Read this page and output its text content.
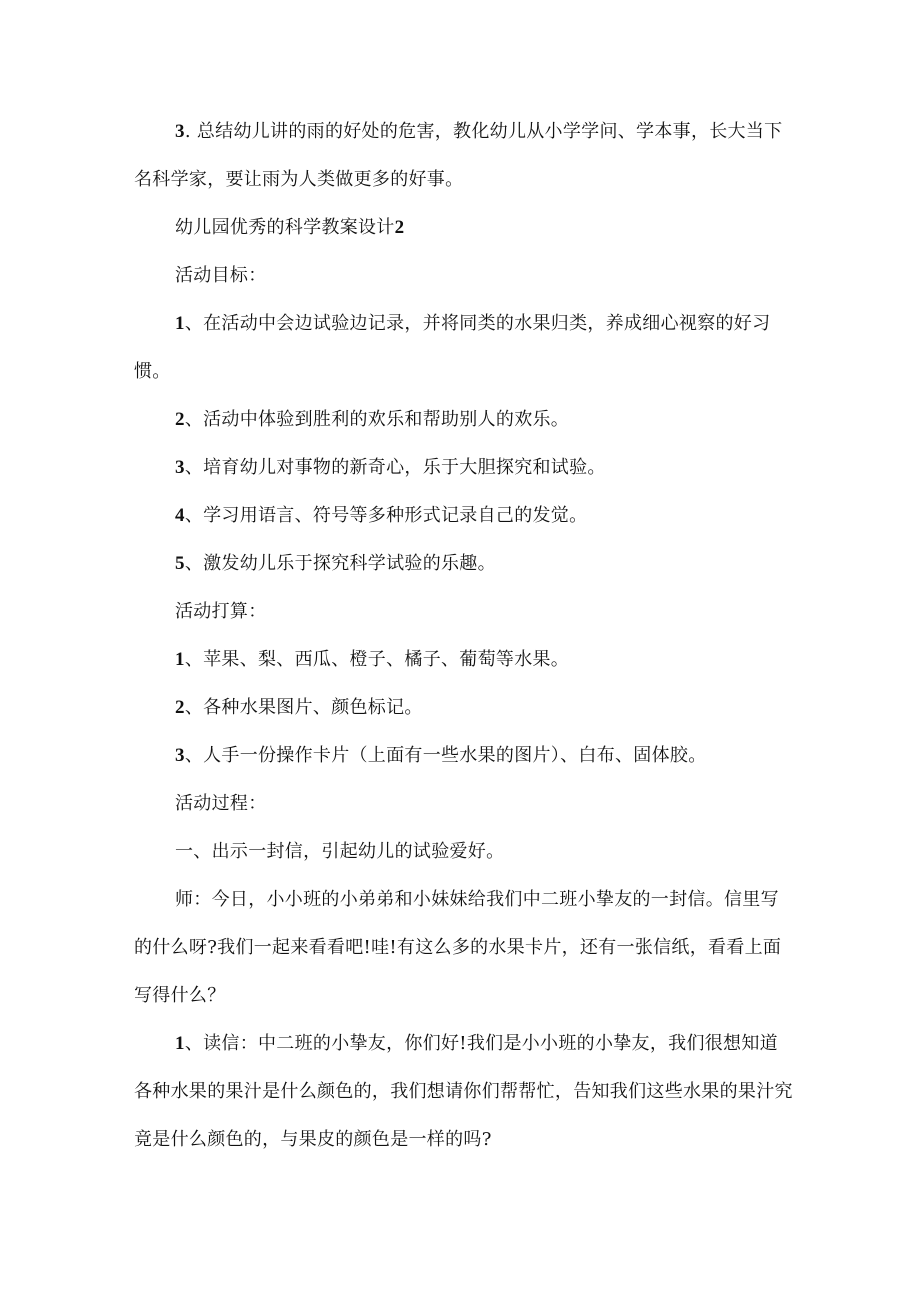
3. 总结幼儿讲的雨的好处的危害，教化幼儿从小学学问、学本事，长大当下名科学家，要让雨为人类做更多的好事。

幼儿园优秀的科学教案设计2

活动目标：

1、在活动中会边试验边记录，并将同类的水果归类，养成细心视察的好习惯。

2、活动中体验到胜利的欢乐和帮助别人的欢乐。

3、培育幼儿对事物的新奇心，乐于大胆探究和试验。

4、学习用语言、符号等多种形式记录自己的发觉。

5、激发幼儿乐于探究科学试验的乐趣。

活动打算：

1、苹果、梨、西瓜、橙子、橘子、葡萄等水果。

2、各种水果图片、颜色标记。

3、人手一份操作卡片（上面有一些水果的图片）、白布、固体胶。

活动过程：

一、出示一封信，引起幼儿的试验爱好。

师：今日，小小班的小弟弟和小妹妹给我们中二班小挚友的一封信。信里写的什么呀?我们一起来看看吧!哇!有这么多的水果卡片，还有一张信纸，看看上面写得什么？

1、读信：中二班的小挚友，你们好!我们是小小班的小挚友，我们很想知道各种水果的果汁是什么颜色的，我们想请你们帮帮忙，告知我们这些水果的果汁究竟是什么颜色的，与果皮的颜色是一样的吗?
